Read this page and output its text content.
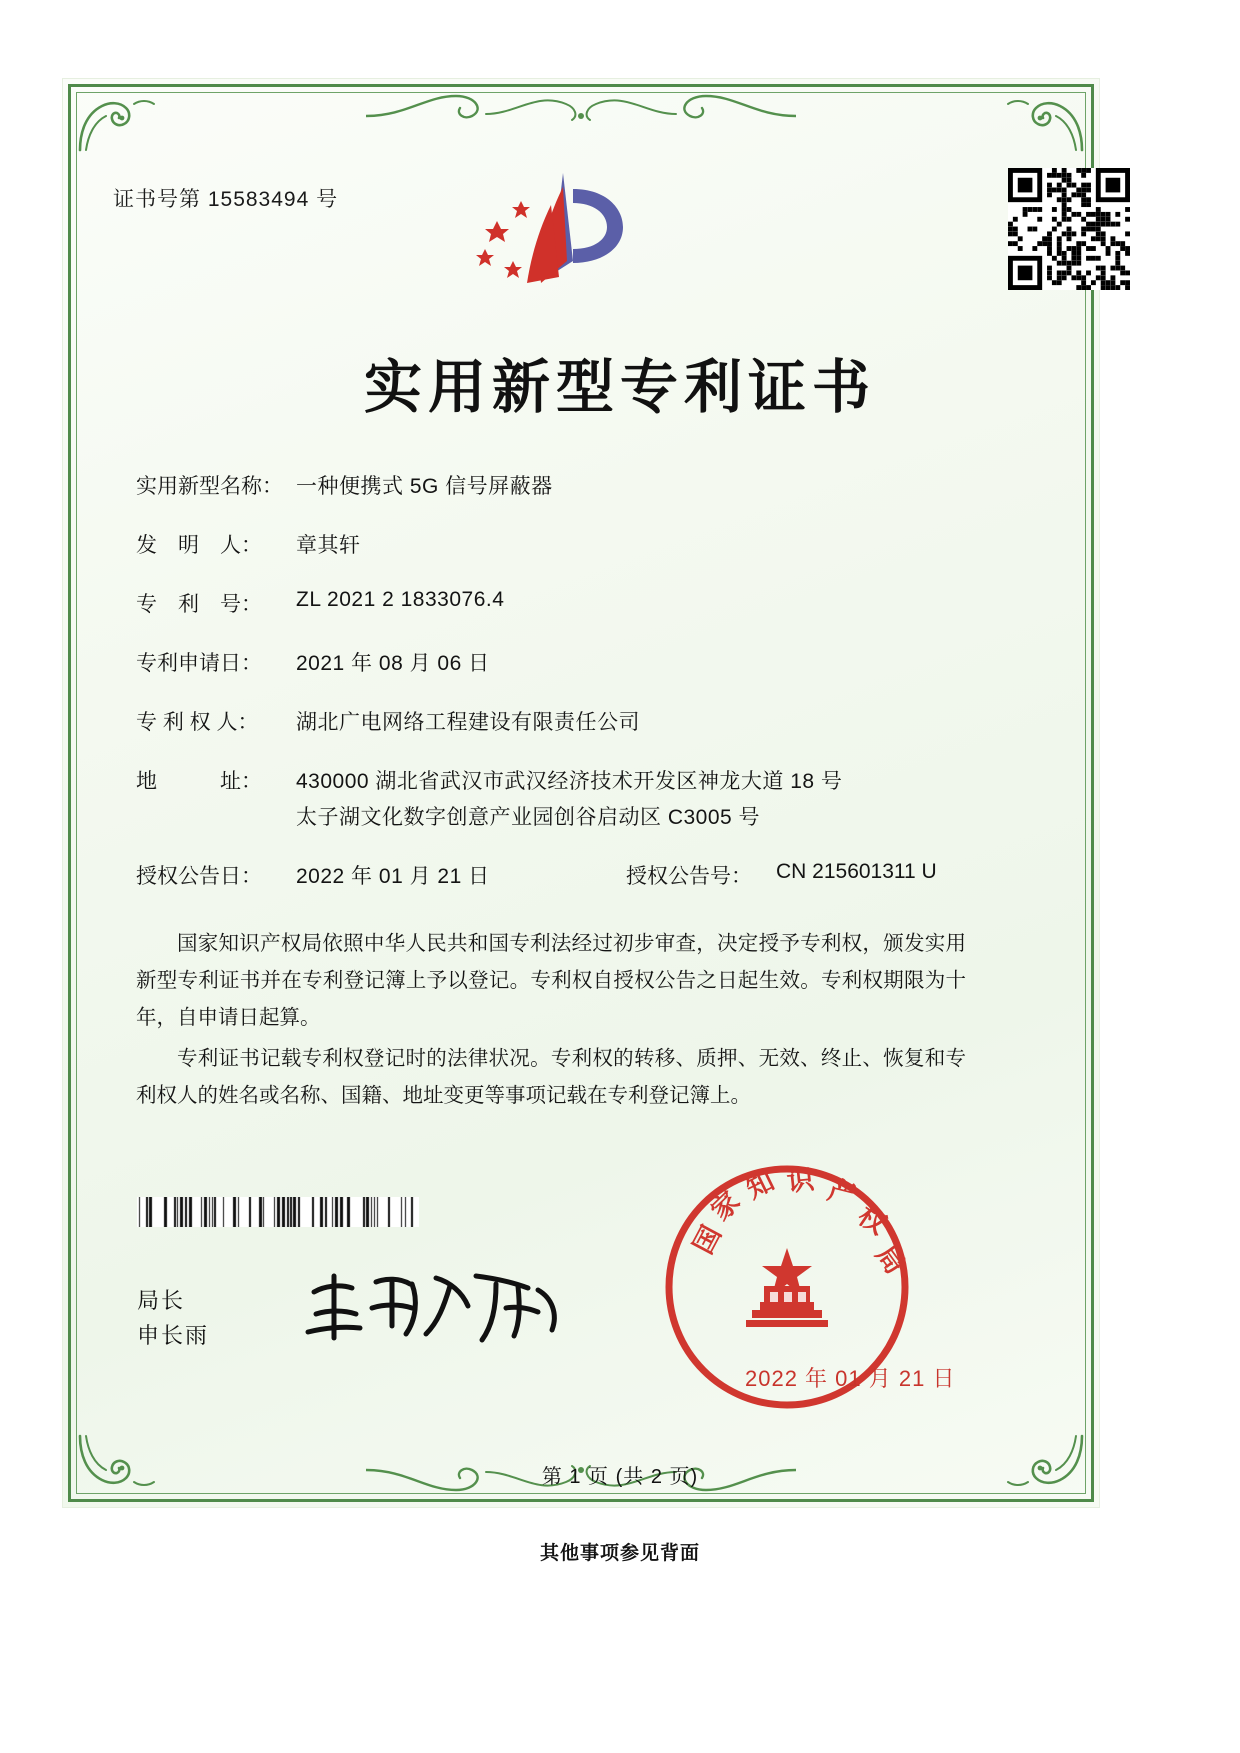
证书号第 15583494 号
实用新型专利证书
实用新型名称： 一种便携式 5G 信号屏蔽器
发　明　人：	章其轩
专　利　号：	ZL 2021 2 1833076.4
专利申请日：	2021 年 08 月 06 日
专 利 权 人：	湖北广电网络工程建设有限责任公司
地　　　址：	430000 湖北省武汉市武汉经济技术开发区神龙大道 18 号
太子湖文化数字创意产业园创谷启动区 C3005 号
授权公告日：	2022 年 01 月 21 日	授权公告号：	CN 215601311 U

国家知识产权局依照中华人民共和国专利法经过初步审查，决定授予专利权，颁发实用新型专利证书并在专利登记簿上予以登记。专利权自授权公告之日起生效。专利权期限为十年，自申请日起算。

专利证书记载专利权登记时的法律状况。专利权的转移、质押、无效、终止、恢复和专利权人的姓名或名称、国籍、地址变更等事项记载在专利登记簿上。

局长
申长雨
国
家
知 识 产
权
局
2022 年 01 月 21 日
第 1 页 (共 2 页)
其他事项参见背面
